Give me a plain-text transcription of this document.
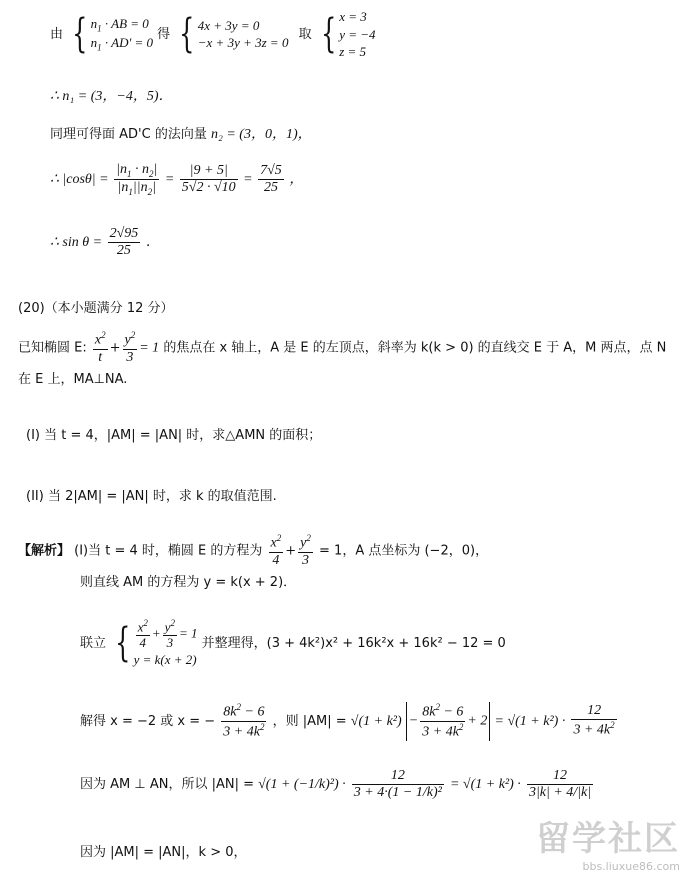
由 { $n_1$ · AB = 0
$n_1 \cdot AD' = 0$ 得 { 4x + 3y = 0
−x + 3y + 3z = 0 取 { x = 3
y = −4
z = 5
∴ n₁ = (3，−4，5)．
同理可得面 AD'C 的法向量 n₂ = (3，0，1)，
∴ $|\cos\theta| = \frac{|n_1 \cdot n_2|}{|n_1||n_2|} = \frac{|9 + 5|}{5√2 \cdot √10} = \frac{7√5}{25}$ ，
∴ $\sin \theta = \frac{2√95}{25}$ ．
(20)（本小题满分 12 分）
已知椭圆 E: $\frac{x^2}{t} + \frac{y^2}{3} = 1$ 的焦点在 x 轴上，A 是 E 的左顶点，斜率为 k(k > 0) 的直线交 E 于 A，M 两点，点 N
在 E 上，MA⊥NA.
(I) 当 t = 4，|AM| = |AN| 时，求△AMN 的面积；
(II) 当 2|AM| = |AN| 时，求 k 的取值范围.
【解析】 (I)当 t = 4 时，椭圆 E 的方程为 $\frac{x^2}{4} + \frac{y^2}{3} = 1$，A 点坐标为 (−2，0)，
则直线 AM 的方程为 y = k(x + 2)．
联立 { $\frac{x^2}{4} + \frac{y^2}{3} = 1$
y = k(x + 2) 并整理得，(3 + 4k²)x² + 16k²x + 16k² − 12 = 0
解得 x = −2 或 x = − $\frac{8k^2 - 6}{3 + 4k^2}$ ，则 $|AM| = √(1 + k^2) - \frac{8k^2 - 6}{3 + 4k^2} + 2 = √(1 + k^2) \cdot \frac{12}{3 + 4k^2}$
因为 AM ⊥ AN，所以 $|AN| = √(1 + (-1/k)^2) \cdot \frac{12}{\text{3 + 4·(1 − 1/k)²}} = √(1 + k^2) \cdot \frac{12}{3|k| + 4/|k|}$
因为 |AM| = |AN|，k > 0，	留学社区
bbs.liuxue86.com
